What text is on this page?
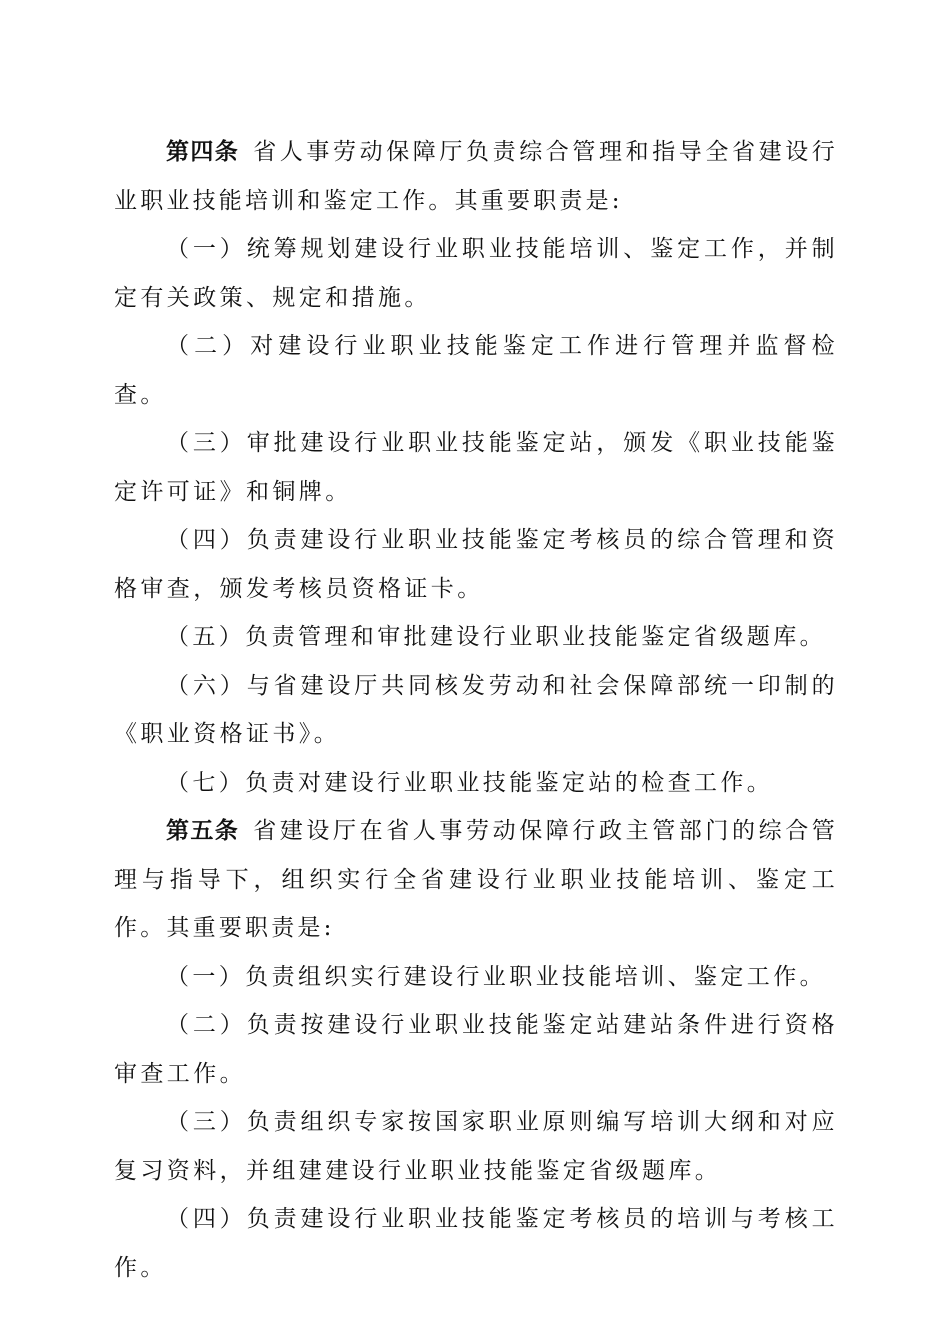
第四条 省人事劳动保障厅负责综合管理和指导全省建设行业职业技能培训和鉴定工作。其重要职责是:

（一）统筹规划建设行业职业技能培训、鉴定工作，并制定有关政策、规定和措施。

（二）对建设行业职业技能鉴定工作进行管理并监督检查。

（三）审批建设行业职业技能鉴定站，颁发《职业技能鉴定许可证》和铜牌。

（四）负责建设行业职业技能鉴定考核员的综合管理和资格审查，颁发考核员资格证卡。

（五）负责管理和审批建设行业职业技能鉴定省级题库。

（六）与省建设厅共同核发劳动和社会保障部统一印制的《职业资格证书》。

（七）负责对建设行业职业技能鉴定站的检查工作。

第五条 省建设厅在省人事劳动保障行政主管部门的综合管理与指导下，组织实行全省建设行业职业技能培训、鉴定工作。其重要职责是:

（一）负责组织实行建设行业职业技能培训、鉴定工作。

（二）负责按建设行业职业技能鉴定站建站条件进行资格审查工作。

（三）负责组织专家按国家职业原则编写培训大纲和对应复习资料，并组建建设行业职业技能鉴定省级题库。

（四）负责建设行业职业技能鉴定考核员的培训与考核工作。
